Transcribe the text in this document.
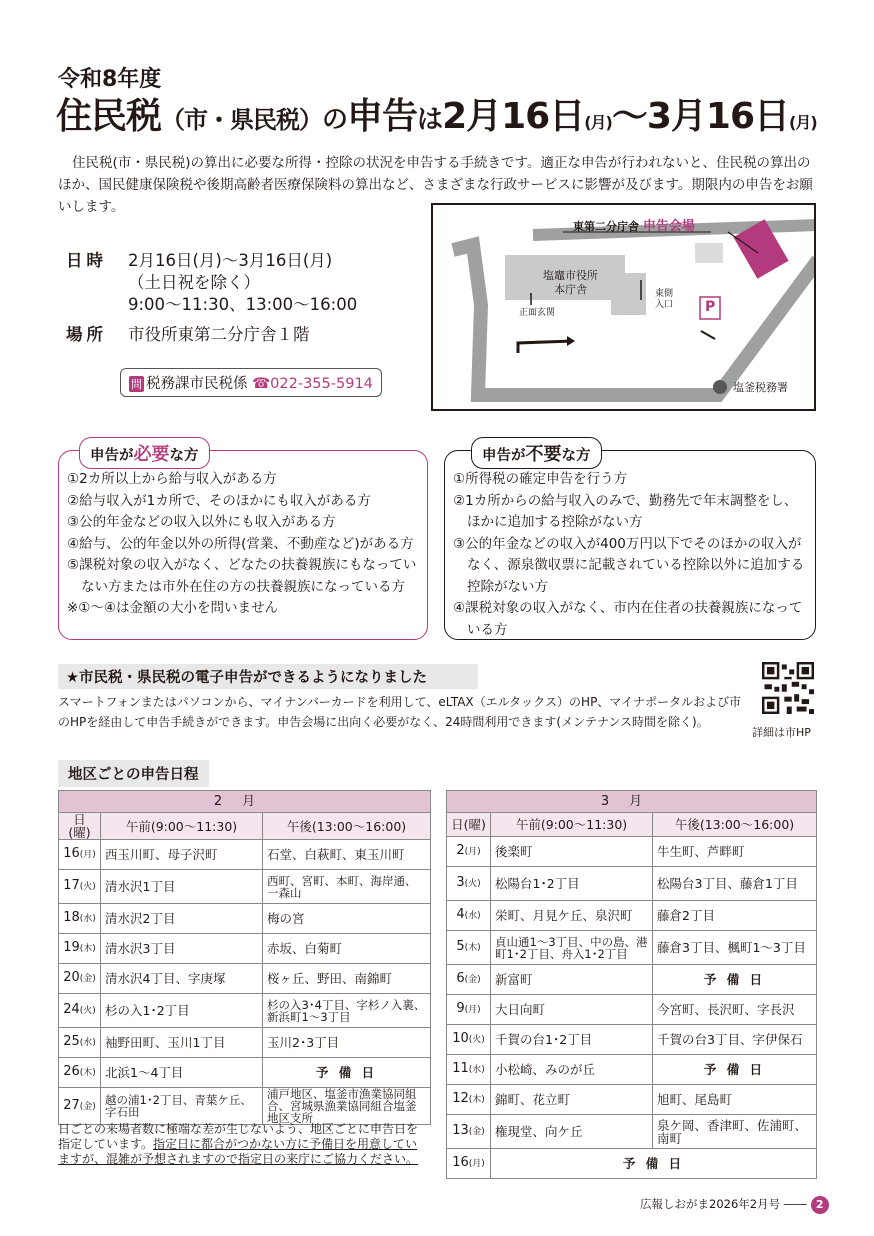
令和8年度
住民税（市・県民税）の申告は2月16日(月)～3月16日(月)

住民税(市・県民税)の算出に必要な所得・控除の状況を申告する手続きです。適正な申告が行われないと、住民税の算出のほか、国民健康保険税や後期高齢者医療保険料の算出など、さまざまな行政サービスに影響が及びます。期限内の申告をお願いします。

日時	2月16日(月)～3月16日(月)
（土日祝を除く）
9:00～11:30、13:00～16:00
場所	市役所東第二分庁舎１階
問 税務課市民税係 ☎022-355-5914
東第二分庁舎 申告会場
塩竈市役所
本庁舎
正面玄関
東側
入口 P
塩釜税務署
申告が必要な方
①2カ所以上から給与収入がある方
②給与収入が1カ所で、そのほかにも収入がある方
③公的年金などの収入以外にも収入がある方
④給与、公的年金以外の所得(営業、不動産など)がある方
⑤課税対象の収入がなく、どなたの扶養親族にもなっていない方または市外在住の方の扶養親族になっている方
※①～④は金額の大小を問いません
申告が不要な方
①所得税の確定申告を行う方
②1カ所からの給与収入のみで、勤務先で年末調整をし、ほかに追加する控除がない方
③公的年金などの収入が400万円以下でそのほかの収入がなく、源泉徴収票に記載されている控除以外に追加する控除がない方
④課税対象の収入がなく、市内在住者の扶養親族になっている方
★市民税・県民税の電子申告ができるようになりました

スマートフォンまたはパソコンから、マイナンバーカードを利用して、eLTAX（エルタックス）のHP、マイナポータルおよび市のHPを経由して申告手続きができます。申告会場に出向く必要がなく、24時間利用できます(メンテナンス時間を除く)。

詳細は市HP
地区ごとの申告日程
2月		
日(曜)	午前(9:00～11:30)	午後(13:00～16:00)
16(月)	西玉川町、母子沢町	石堂、白萩町、東玉川町
17(火)	清水沢1丁目	西町、宮町、本町、海岸通、一森山
18(水)	清水沢2丁目	梅の宮
19(木)	清水沢3丁目	赤坂、白菊町
20(金)	清水沢4丁目、字庚塚	桜ヶ丘、野田、南錦町
24(火)	杉の入1･2丁目	杉の入3･4丁目、字杉ノ入裏、新浜町1～3丁目
25(水)	袖野田町、玉川1丁目	玉川2･3丁目
26(木)	北浜1～4丁目	予 備 日
27(金)	越の浦1･2丁目、青葉ケ丘、字石田	浦戸地区、塩釜市漁業協同組合、宮城県漁業協同組合塩釜地区支所
3月		
日(曜)	午前(9:00～11:30)	午後(13:00～16:00)
2(月)	後楽町	牛生町、芦畔町
3(火)	松陽台1･2丁目	松陽台3丁目、藤倉1丁目
4(水)	栄町、月見ケ丘、泉沢町	藤倉2丁目
5(木)	貞山通1～3丁目、中の島、港町1･2丁目、舟入1･2丁目	藤倉3丁目、楓町1～3丁目
6(金)	新富町	予 備 日
9(月)	大日向町	今宮町、長沢町、字長沢
10(火)	千賀の台1･2丁目	千賀の台3丁目、字伊保石
11(水)	小松崎、みのが丘	予 備 日
12(木)	錦町、花立町	旭町、尾島町
13(金)	権現堂、向ケ丘	泉ケ岡、香津町、佐浦町、南町
16(月)	予 備 日	

日ごとの来場者数に極端な差が生じないよう、地区ごとに申告日を指定しています。指定日に都合がつかない方に予備日を用意していますが、混雑が予想されますので指定日の来庁にご協力ください。

広報しおがま2026年2月号 ―― 2
